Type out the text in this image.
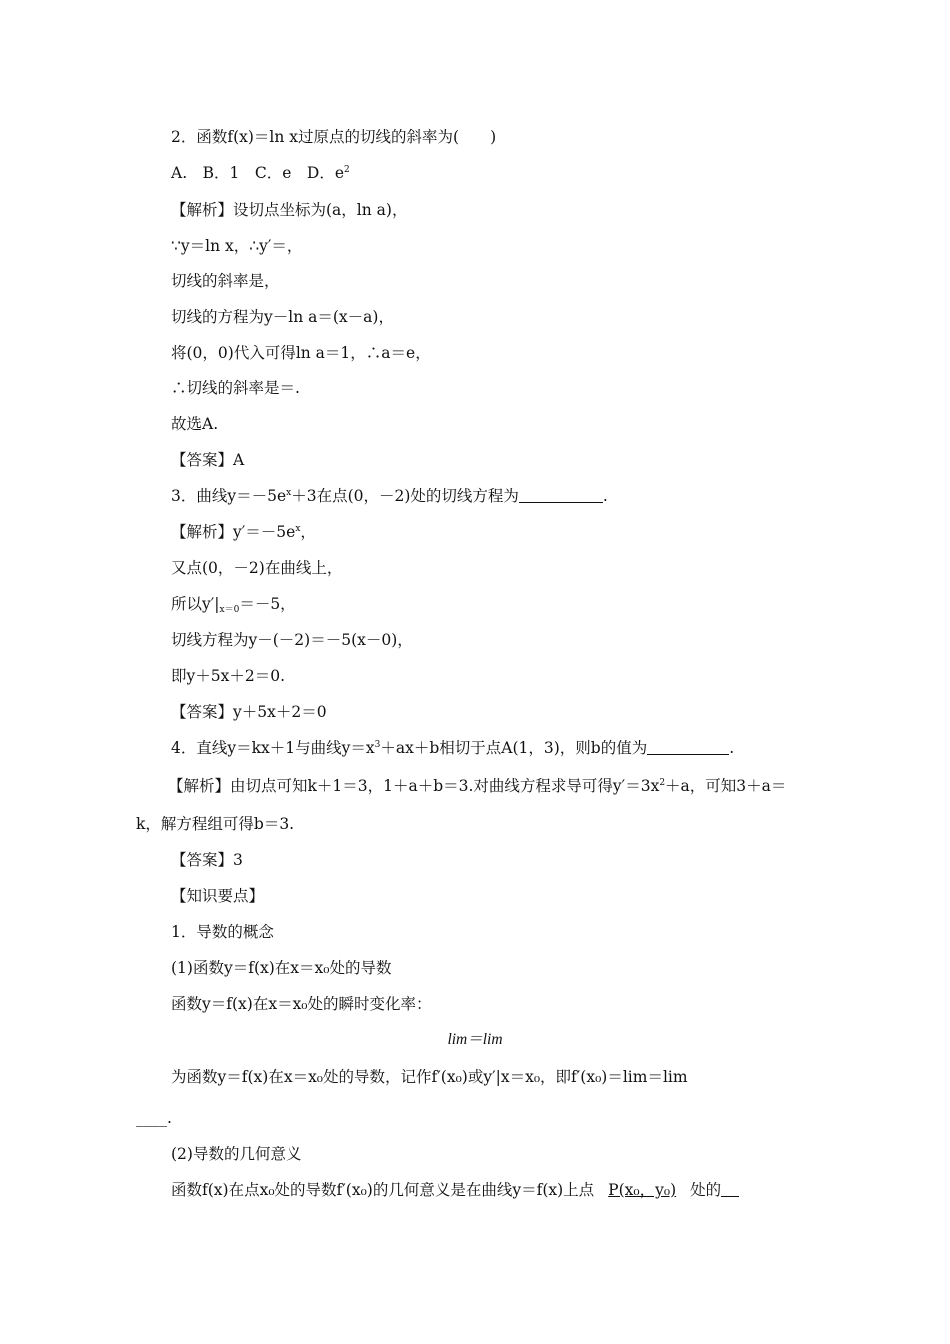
2．函数f(x)＝ln x过原点的切线的斜率为(　　)
A.　B．1　C．e　D．$e^2$
【解析】设切点坐标为(a，ln a)，
∵y＝ln x，∴y′＝，
切线的斜率是，
切线的方程为y－ln a＝(x－a)，
将(0，0)代入可得ln a＝1，∴a＝e，
∴切线的斜率是＝.
故选A.
【答案】A
3．曲线$y=-5e^x+3$在点(0，－2)处的切线方程为	.
【解析】$y'=-5e^x$，
又点(0，－2)在曲线上，
所以$y'|_{x=0}=-5$，
切线方程为y－(－2)＝－5(x－0)，
即y＋5x＋2＝0.
【答案】y＋5x＋2＝0
4．直线y＝kx＋1与曲线$y=x^3+ax+b$相切于点A(1，3)，则b的值为	.
【解析】由切点可知k＋1＝3，1＋a＋b＝3.对曲线方程求导可得$y'=3x^2+a$，可知3＋a＝
k，解方程组可得b＝3.
【答案】3
【知识要点】
1．导数的概念
(1)函数y＝f(x)在x＝x₀处的导数
函数y＝f(x)在x＝x₀处的瞬时变化率：
lim＝lim
为函数y＝f(x)在x＝x₀处的导数，记作f′(x₀)或y′|x＝x₀，即f′(x₀)＝lim＝lim
____.
(2)导数的几何意义
函数f(x)在点x₀处的导数f′(x₀)的几何意义是在曲线y＝f(x)上点 P(x₀，y₀) 处的
